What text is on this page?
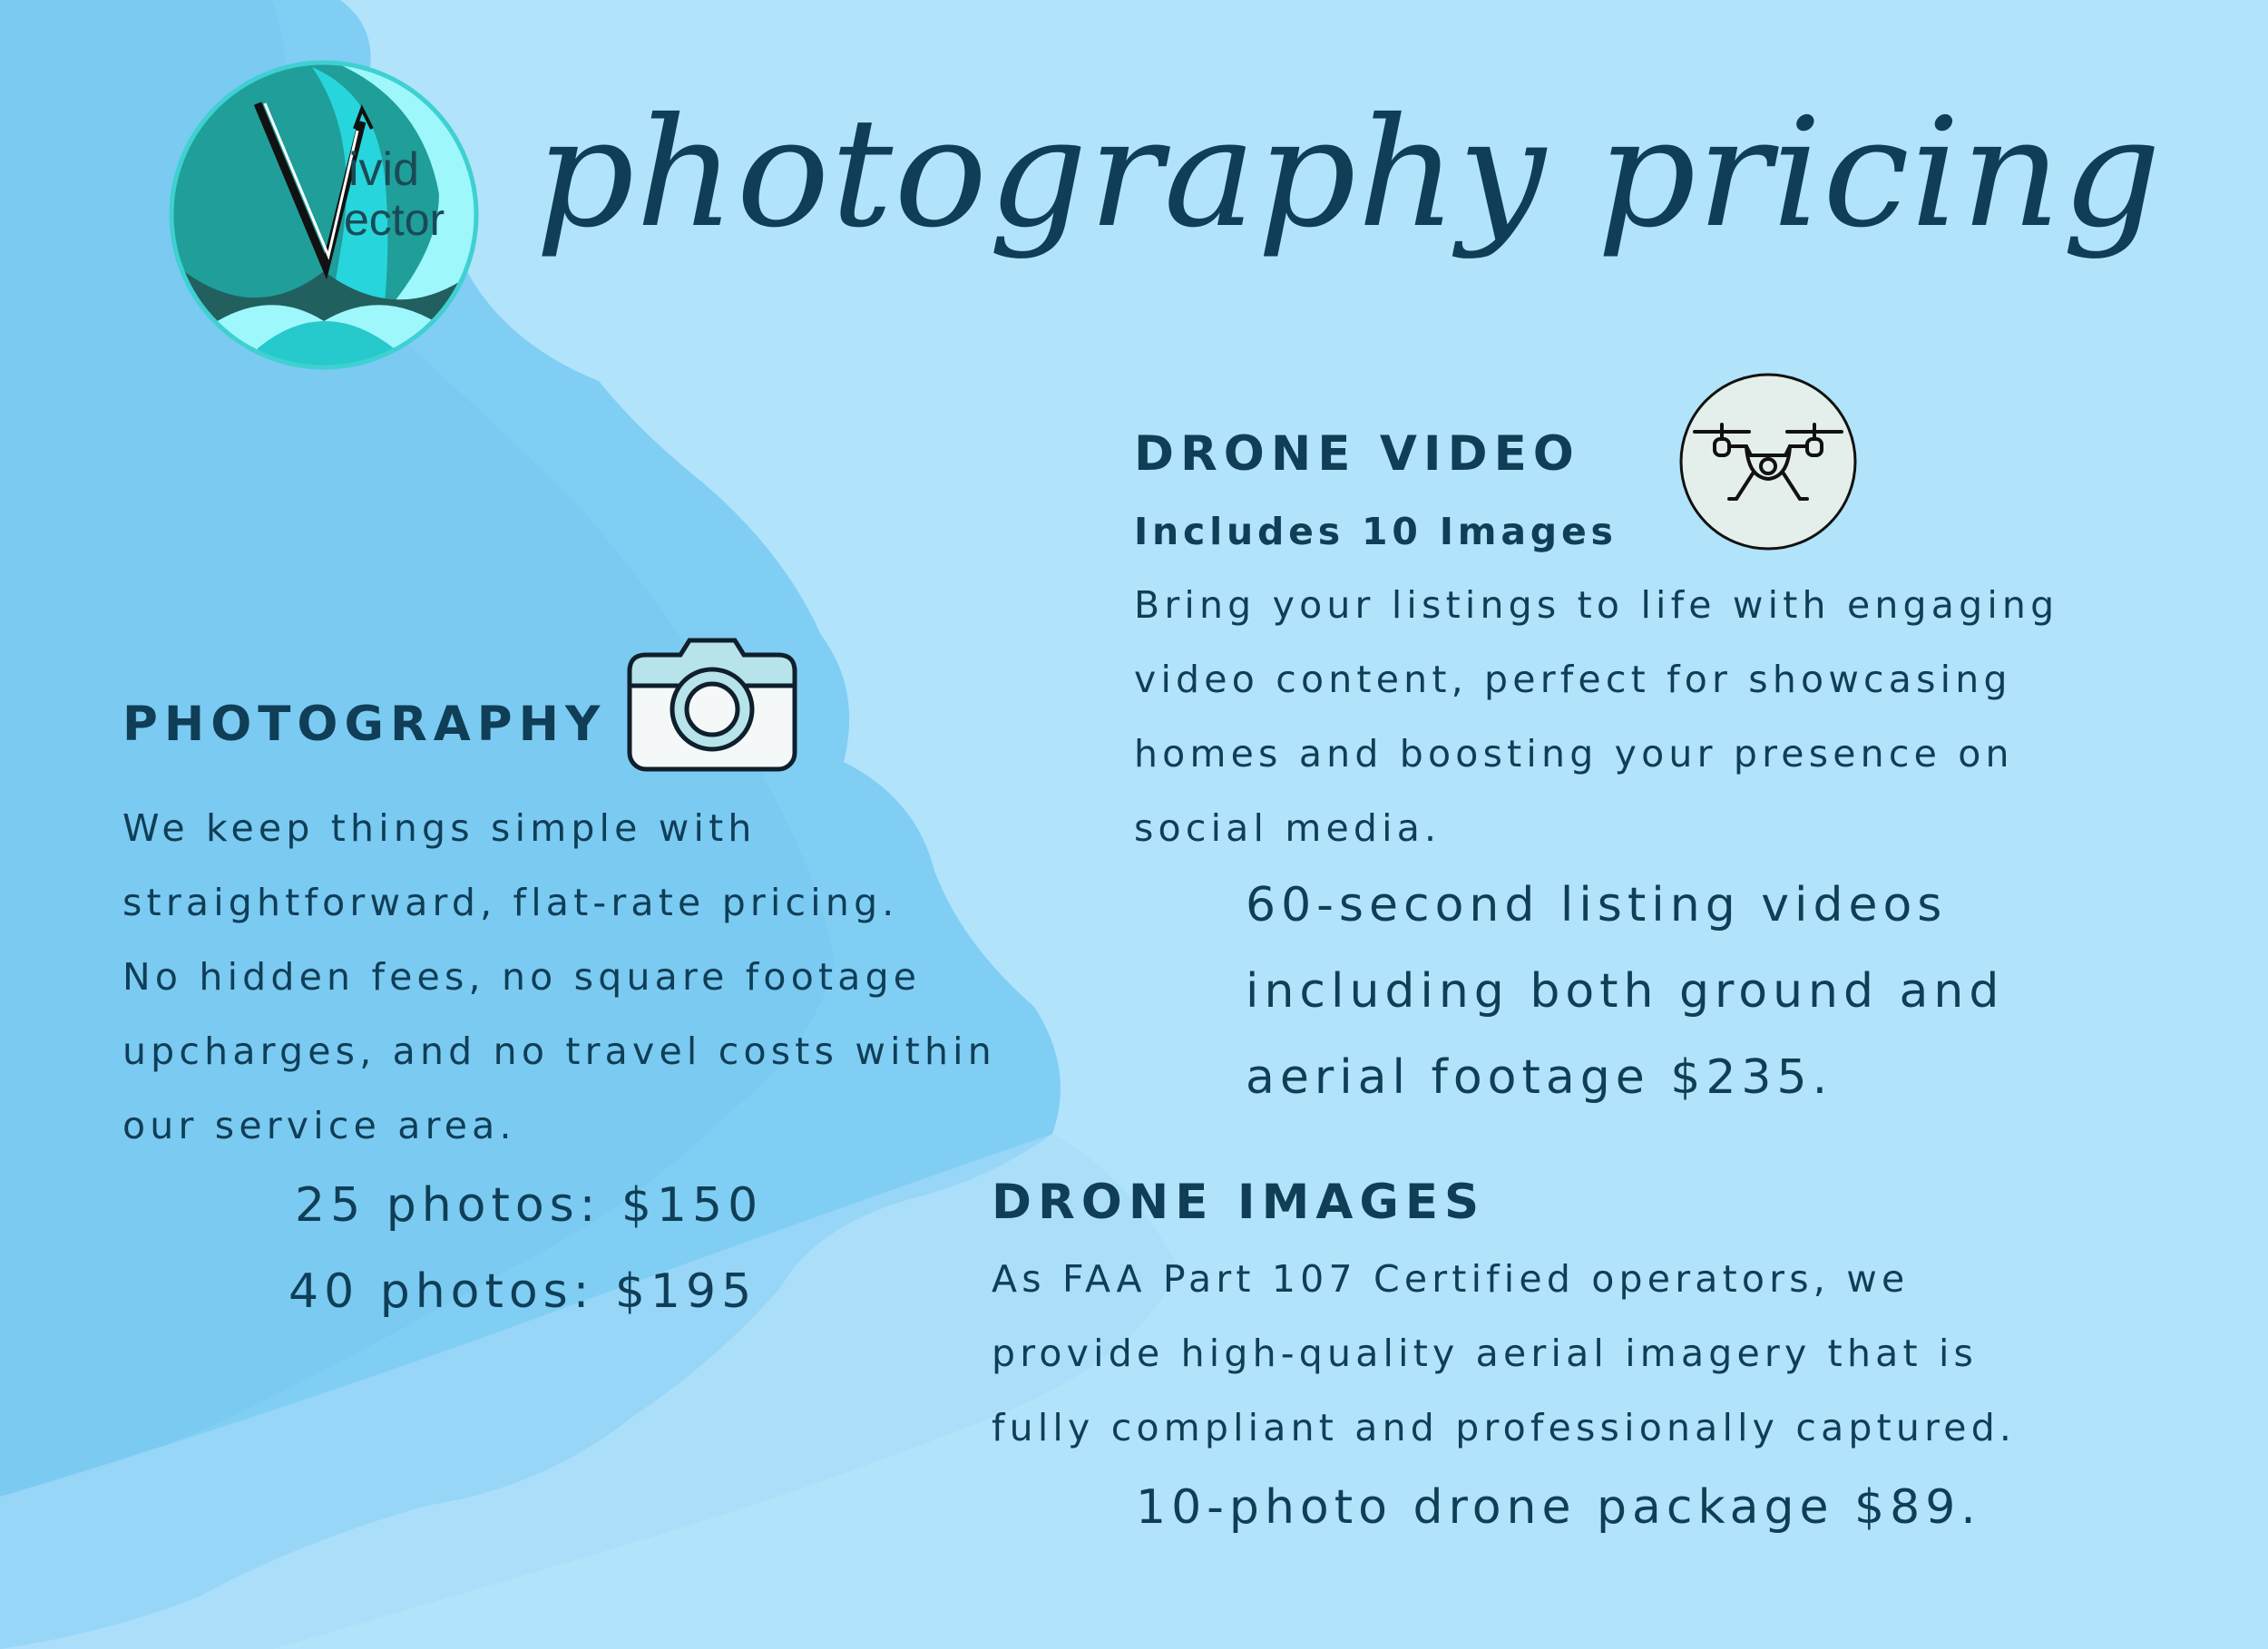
ivid
ector photography pricing
DRONE VIDEO
Includes 10 Images
Bring your listings to life with engaging
video content, perfect for showcasing
homes and boosting your presence on
social media.
60-second listing videos
including both ground and
aerial footage $235.
PHOTOGRAPHY
We keep things simple with
straightforward, flat-rate pricing.
No hidden fees, no square footage
upcharges, and no travel costs within
our service area.
25 photos: $150
40 photos: $195
DRONE IMAGES
As FAA Part 107 Certified operators, we
provide high-quality aerial imagery that is
fully compliant and professionally captured.
10-photo drone package $89.
